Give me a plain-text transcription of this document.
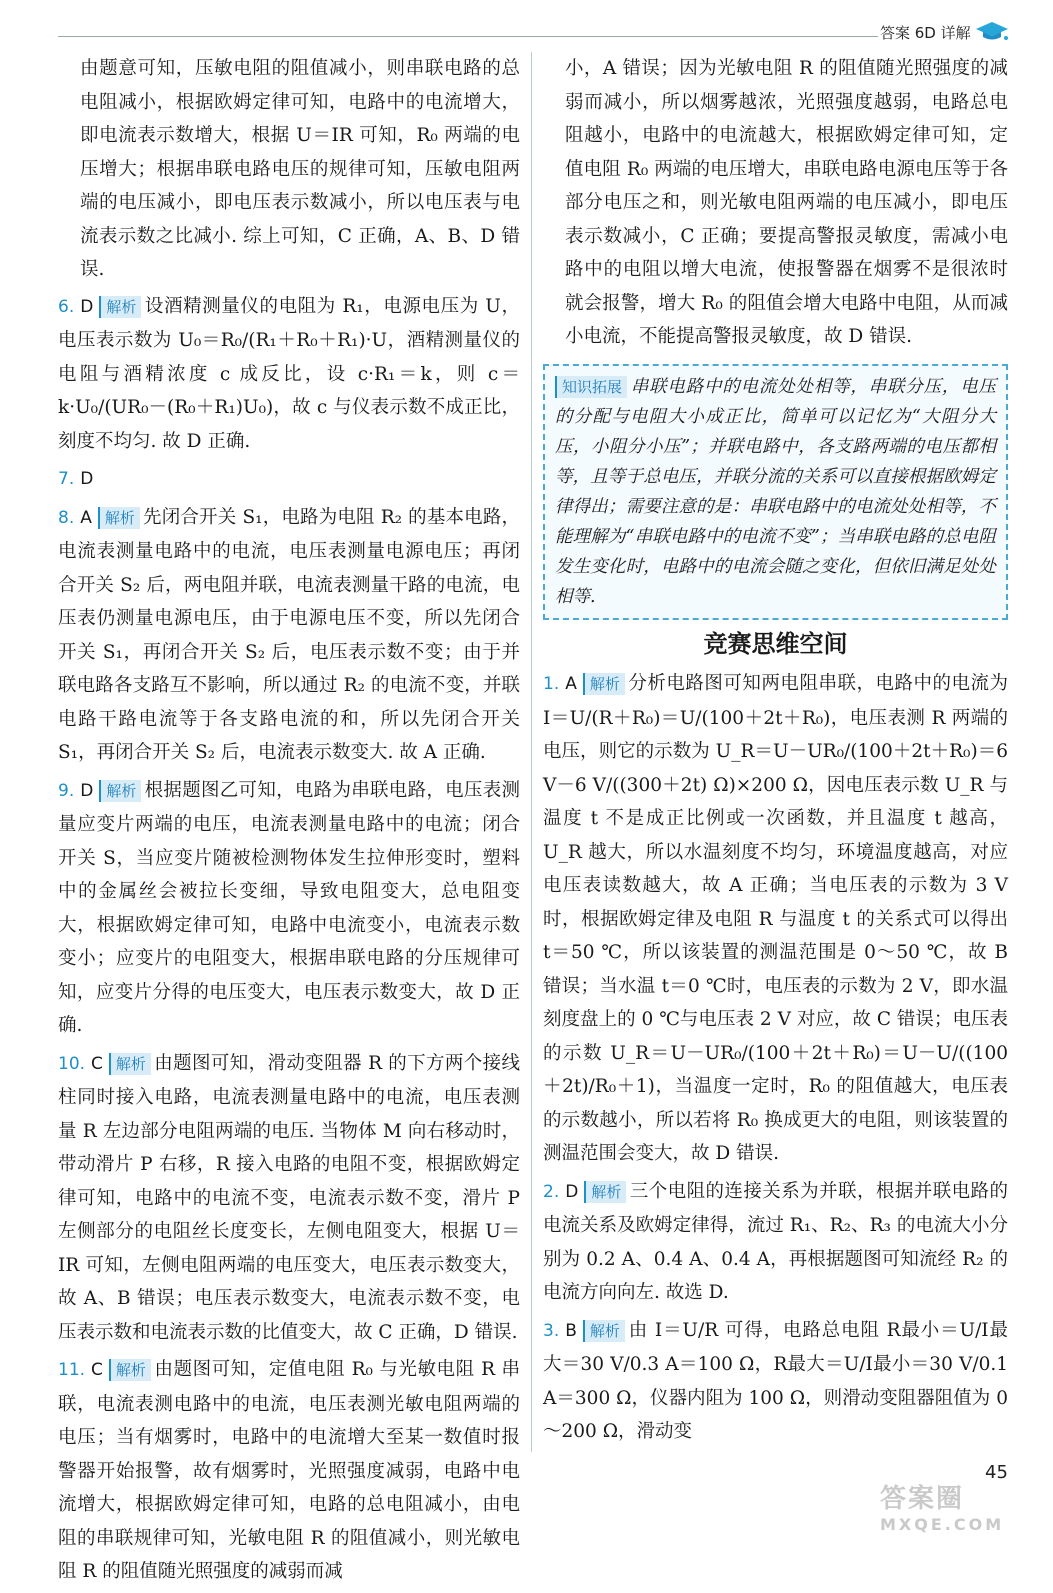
答案 6D 详解

由题意可知，压敏电阻的阻值减小，则串联电路的总电阻减小，根据欧姆定律可知，电路中的电流增大，即电流表示数增大，根据 U＝IR 可知，R₀ 两端的电压增大；根据串联电路电压的规律可知，压敏电阻两端的电压减小，即电压表示数减小，所以电压表与电流表示数之比减小. 综上可知，C 正确，A、B、D 错误.

6. D 解析 设酒精测量仪的电阻为 R₁，电源电压为 U，电压表示数为 U₀＝R₀/(R₁＋R₀＋R₁)·U，酒精测量仪的电阻与酒精浓度 c 成反比，设 c·R₁＝k，则 c＝k·U₀/(UR₀－(R₀＋R₁)U₀)，故 c 与仪表示数不成正比，刻度不均匀. 故 D 正确.
7. D
8. A 解析 先闭合开关 S₁，电路为电阻 R₂ 的基本电路，电流表测量电路中的电流，电压表测量电源电压；再闭合开关 S₂ 后，两电阻并联，电流表测量干路的电流，电压表仍测量电源电压，由于电源电压不变，所以先闭合开关 S₁，再闭合开关 S₂ 后，电压表示数不变；由于并联电路各支路互不影响，所以通过 R₂ 的电流不变，并联电路干路电流等于各支路电流的和，所以先闭合开关 S₁，再闭合开关 S₂ 后，电流表示数变大. 故 A 正确.
9. D 解析 根据题图乙可知，电路为串联电路，电压表测量应变片两端的电压，电流表测量电路中的电流；闭合开关 S，当应变片随被检测物体发生拉伸形变时，塑料中的金属丝会被拉长变细，导致电阻变大，总电阻变大，根据欧姆定律可知，电路中电流变小，电流表示数变小；应变片的电阻变大，根据串联电路的分压规律可知，应变片分得的电压变大，电压表示数变大，故 D 正确.
10. C 解析 由题图可知，滑动变阻器 R 的下方两个接线柱同时接入电路，电流表测量电路中的电流，电压表测量 R 左边部分电阻两端的电压. 当物体 M 向右移动时，带动滑片 P 右移，R 接入电路的电阻不变，根据欧姆定律可知，电路中的电流不变，电流表示数不变，滑片 P 左侧部分的电阻丝长度变长，左侧电阻变大，根据 U＝IR 可知，左侧电阻两端的电压变大，电压表示数变大，故 A、B 错误；电压表示数变大，电流表示数不变，电压表示数和电流表示数的比值变大，故 C 正确，D 错误.
11. C 解析 由题图可知，定值电阻 R₀ 与光敏电阻 R 串联，电流表测电路中的电流，电压表测光敏电阻两端的电压；当有烟雾时，电路中的电流增大至某一数值时报警器开始报警，故有烟雾时，光照强度减弱，电路中电流增大，根据欧姆定律可知，电路的总电阻减小，由电阻的串联规律可知，光敏电阻 R 的阻值减小，则光敏电阻 R 的阻值随光照强度的减弱而减

小，A 错误；因为光敏电阻 R 的阻值随光照强度的减弱而减小，所以烟雾越浓，光照强度越弱，电路总电阻越小，电路中的电流越大，根据欧姆定律可知，定值电阻 R₀ 两端的电压增大，串联电路电源电压等于各部分电压之和，则光敏电阻两端的电压减小，即电压表示数减小，C 正确；要提高警报灵敏度，需减小电路中的电阻以增大电流，使报警器在烟雾不是很浓时就会报警，增大 R₀ 的阻值会增大电路中电阻，从而减小电流，不能提高警报灵敏度，故 D 错误.

知识拓展 串联电路中的电流处处相等，串联分压，电压的分配与电阻大小成正比，简单可以记忆为“大阻分大压，小阻分小压”；并联电路中，各支路两端的电压都相等，且等于总电压，并联分流的关系可以直接根据欧姆定律得出；需要注意的是：串联电路中的电流处处相等，不能理解为“串联电路中的电流不变”；当串联电路的总电阻发生变化时，电路中的电流会随之变化，但依旧满足处处相等.
竞赛思维空间
1. A 解析 分析电路图可知两电阻串联，电路中的电流为 I＝U/(R＋R₀)＝U/(100＋2t＋R₀)，电压表测 R 两端的电压，则它的示数为 U_R＝U－UR₀/(100＋2t＋R₀)＝6 V－6 V/((300＋2t) Ω)×200 Ω，因电压表示数 U_R 与温度 t 不是成正比例或一次函数，并且温度 t 越高，U_R 越大，所以水温刻度不均匀，环境温度越高，对应电压表读数越大，故 A 正确；当电压表的示数为 3 V 时，根据欧姆定律及电阻 R 与温度 t 的关系式可以得出 t＝50 ℃，所以该装置的测温范围是 0～50 ℃，故 B 错误；当水温 t＝0 ℃时，电压表的示数为 2 V，即水温刻度盘上的 0 ℃与电压表 2 V 对应，故 C 错误；电压表的示数 U_R＝U－UR₀/(100＋2t＋R₀)＝U－U/((100＋2t)/R₀＋1)，当温度一定时，R₀ 的阻值越大，电压表的示数越小，所以若将 R₀ 换成更大的电阻，则该装置的测温范围会变大，故 D 错误.
2. D 解析 三个电阻的连接关系为并联，根据并联电路的电流关系及欧姆定律得，流过 R₁、R₂、R₃ 的电流大小分别为 0.2 A、0.4 A、0.4 A，再根据题图可知流经 R₂ 的电流方向向左. 故选 D.
3. B 解析 由 I＝U/R 可得，电路总电阻 R最小＝U/I最大＝30 V/0.3 A＝100 Ω，R最大＝U/I最小＝30 V/0.1 A＝300 Ω，仪器内阻为 100 Ω，则滑动变阻器阻值为 0～200 Ω，滑动变
45
答案圈
MXQE.COM
